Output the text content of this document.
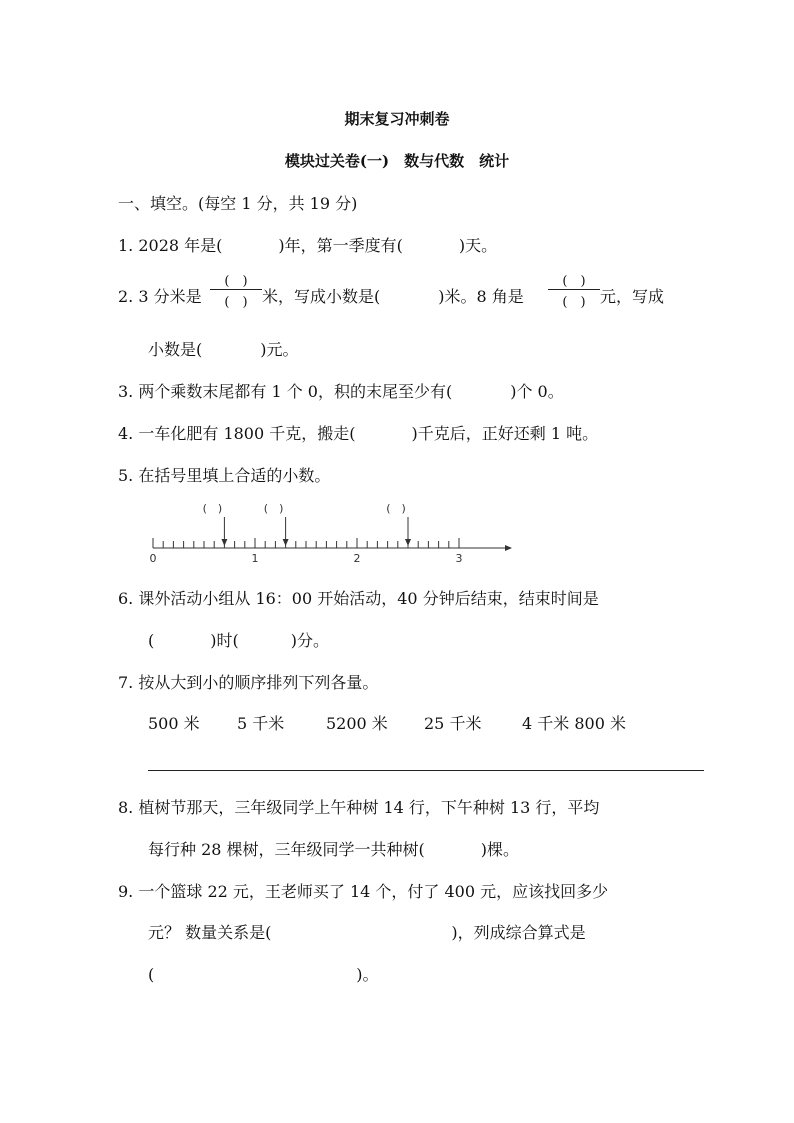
期末复习冲刺卷
模块过关卷(一)　数与代数　统计
一、填空。(每空 1 分，共 19 分)
1. 2028 年是(	)年，第一季度有(	)天。
2. 3 分米是
(　)
(　) 米，写成小数是(	)米。8 角是
(　)
(　) 元，写成
小数是(	)元。
3. 两个乘数末尾都有 1 个 0，积的末尾至少有(	)个 0。
4. 一车化肥有 1800 千克，搬走(	)千克后，正好还剩 1 吨。
5. 在括号里填上合适的小数。
0	1	2	3
(　)	(　)	(　)
6. 课外活动小组从 16：00 开始活动，40 分钟后结束，结束时间是
(	)时(	)分。
7. 按从大到小的顺序排列下列各量。
500 米 5 千米	5200 米 25 千米	4 千米 800 米
8. 植树节那天，三年级同学上午种树 14 行，下午种树 13 行，平均
每行种 28 棵树，三年级同学一共种树(	)棵。
9. 一个篮球 22 元，王老师买了 14 个，付了 400 元，应该找回多少
元？ 数量关系是(	)，列成综合算式是
(	)。
